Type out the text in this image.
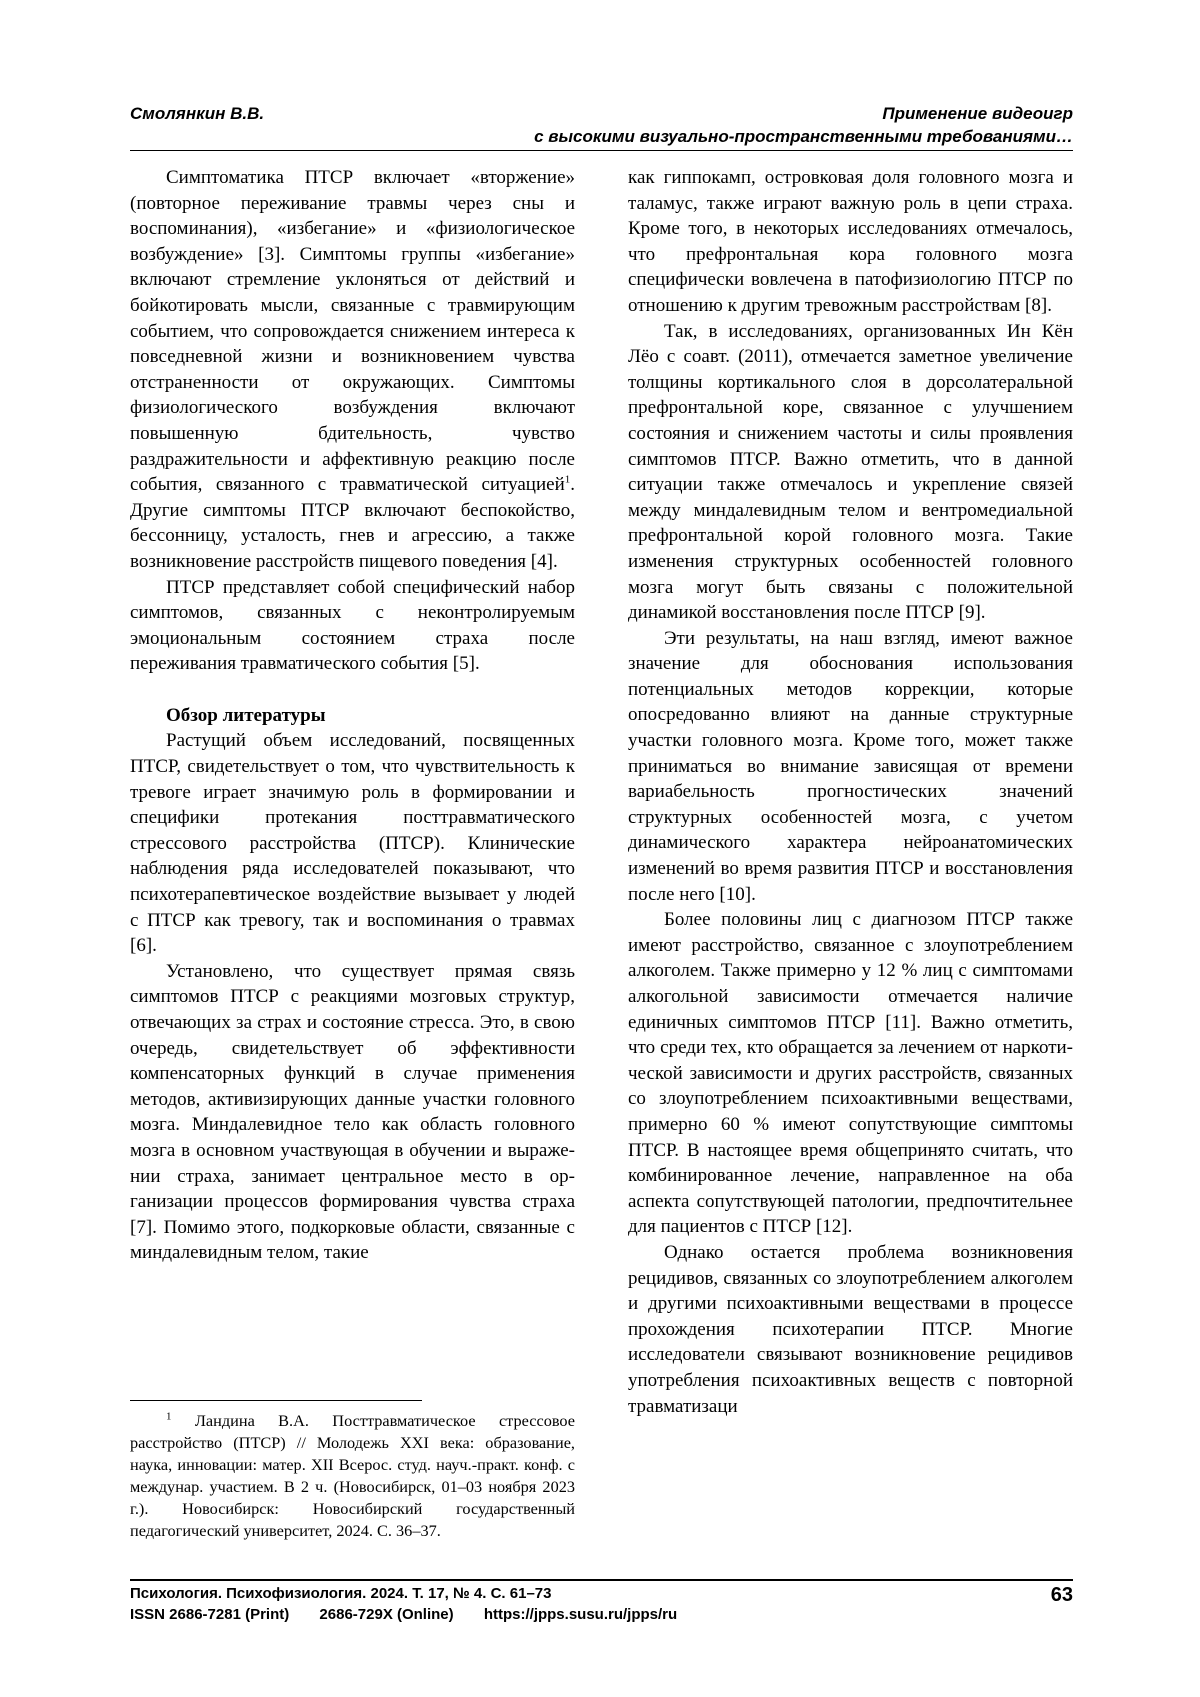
Смолянкин В.В.	Применение видеоигр
с высокими визуально-пространственными требованиями…

Симптоматика ПТСР включает «вторжение» (повторное переживание травмы через сны и воспоминания), «избегание» и «физиологическое возбуждение» [3]. Симптомы группы «избегание» включают стремление уклоняться от действий и бойкотировать мысли, связанные с травмирующим событием, что сопровождается снижением интереса к повседневной жизни и возникновением чувства отстраненности от окружающих. Симптомы физиологического возбуждения включают повышенную бдительность, чувство раздражительности и аффективную реакцию после события, связанного с травматической ситуацией$^1$. Другие симптомы ПТСР включают беспокойство, бессонницу, усталость, гнев и агрессию, а также возникновение расстройств пищевого поведения [4].

ПТСР представляет собой специфический набор симптомов, связанных с неконтролируемым эмоциональным состоянием страха после переживания травматического события [5].

Обзор литературы

Растущий объем исследований, посвященных ПТСР, свидетельствует о том, что чувствительность к тревоге играет значимую роль в формировании и специфики протекания посттравматического стрессового расстройства (ПТСР). Клинические наблюдения ряда исследователей показывают, что психотерапевтическое воздействие вызывает у людей с ПТСР как тревогу, так и воспоминания о травмах [6].

Установлено, что существует прямая связь симптомов ПТСР с реакциями мозговых структур, отвечающих за страх и состояние стресса. Это, в свою очередь, свидетельствует об эффективности компенсаторных функций в случае применения методов, активизирующих данные участки головного мозга. Миндалевидное тело как область головного мозга в основном участвующая в обучении и выражении страха, занимает центральное место в организации процессов формирования чувства страха [7]. Помимо этого, подкорковые области, связанные с миндалевидным телом, такие

как гиппокамп, островковая доля головного мозга и таламус, также играют важную роль в цепи страха. Кроме того, в некоторых исследованиях отмечалось, что префронтальная кора головного мозга специфически вовлечена в патофизиологию ПТСР по отношению к другим тревожным расстройствам [8].

Так, в исследованиях, организованных Ин Кён Лёо с соавт. (2011), отмечается заметное увеличение толщины кортикального слоя в дорсолатеральной префронтальной коре, связанное с улучшением состояния и снижением частоты и силы проявления симптомов ПТСР. Важно отметить, что в данной ситуации также отмечалось и укрепление связей между миндалевидным телом и вентромедиальной префронтальной корой головного мозга. Такие изменения структурных особенностей головного мозга могут быть связаны с положительной динамикой восстановления после ПТСР [9].

Эти результаты, на наш взгляд, имеют важное значение для обоснования использования потенциальных методов коррекции, которые опосредованно влияют на данные структурные участки головного мозга. Кроме того, может также приниматься во внимание зависящая от времени вариабельность прогностических значений структурных особенностей мозга, с учетом динамического характера нейроанатомических изменений во время развития ПТСР и восстановления после него [10].

Более половины лиц с диагнозом ПТСР также имеют расстройство, связанное с злоупотреблением алкоголем. Также примерно у 12 % лиц с симптомами алкогольной зависимости отмечается наличие единичных симптомов ПТСР [11]. Важно отметить, что среди тех, кто обращается за лечением от наркотической зависимости и других расстройств, связанных со злоупотреблением психоактивными веществами, примерно 60 % имеют сопутствующие симптомы ПТСР. В настоящее время общепринято считать, что комбинированное лечение, направленное на оба аспекта сопутствующей патологии, предпочтительнее для пациентов с ПТСР [12].

Однако остается проблема возникновения рецидивов, связанных со злоупотреблением алкоголем и другими психоактивными веществами в процессе прохождения психотерапии ПТСР. Многие исследователи связывают возникновение рецидивов употребления психоактивных веществ с повторной травматизаци

$^1$ Ландина В.А. Посттравматическое стрессовое расстройство (ПТСР) // Молодежь XXI века: образование, наука, инновации: матер. XII Всерос. студ. науч.-практ. конф. с междунар. участием. В 2 ч. (Новосибирск, 01–03 ноября 2023 г.). Новосибирск: Новосибирский государственный педагогический университет, 2024. С. 36–37.
Психология. Психофизиология. 2024. Т. 17, № 4. С. 61–73
ISSN 2686-7281 (Print) 2686-729X (Online) https://jpps.susu.ru/jpps/ru
63
